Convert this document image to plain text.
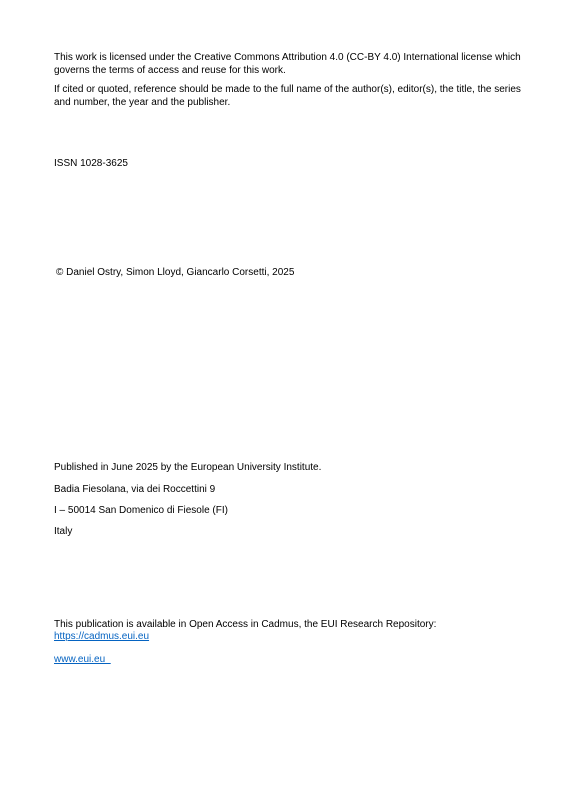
This work is licensed under the Creative Commons Attribution 4.0 (CC-BY 4.0) International license which governs the terms of access and reuse for this work.

If cited or quoted, reference should be made to the full name of the author(s), editor(s), the title, the series and number, the year and the publisher.

ISSN 1028-3625

© Daniel Ostry, Simon Lloyd, Giancarlo Corsetti, 2025

Published in June 2025 by the European University Institute.

Badia Fiesolana, via dei Roccettini 9

I – 50014 San Domenico di Fiesole (FI)

Italy

This publication is available in Open Access in Cadmus, the EUI Research Repository:

https://cadmus.eui.eu

www.eui.eu
